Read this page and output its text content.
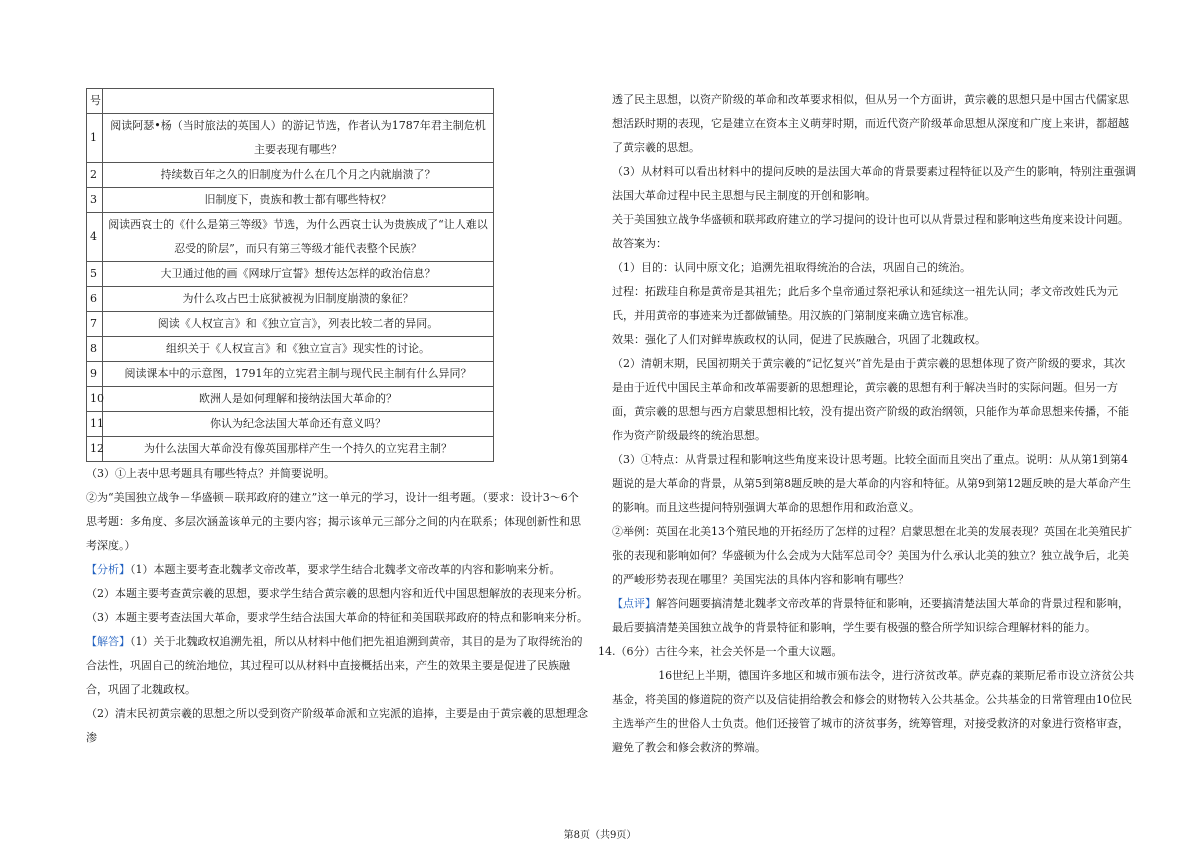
号	
1	阅读阿瑟•杨（当时旅法的英国人）的游记节选，作者认为1787年君主制危机主要表现有哪些？
2	持续数百年之久的旧制度为什么在几个月之内就崩溃了？
3	旧制度下，贵族和教士都有哪些特权？
4	阅读西哀士的《什么是第三等级》节选，为什么西哀士认为贵族成了“让人难以忍受的阶层”，而只有第三等级才能代表整个民族？
5	大卫通过他的画《网球厅宣誓》想传达怎样的政治信息？
6	为什么攻占巴士底狱被视为旧制度崩溃的象征？
7	阅读《人权宣言》和《独立宣言》，列表比较二者的异同。
8	组织关于《人权宣言》和《独立宣言》现实性的讨论。
9	阅读课本中的示意图，1791年的立宪君主制与现代民主制有什么异同？
10	欧洲人是如何理解和接纳法国大革命的？
11	你认为纪念法国大革命还有意义吗？
12	为什么法国大革命没有像英国那样产生一个持久的立宪君主制？

（3）①上表中思考题具有哪些特点？并简要说明。

②为“美国独立战争－华盛顿－联邦政府的建立”这一单元的学习，设计一组考题。（要求：设计3～6个思考题：多角度、多层次涵盖该单元的主要内容；揭示该单元三部分之间的内在联系；体现创新性和思考深度。）

【分析】（1）本题主要考查北魏孝文帝改革，要求学生结合北魏孝文帝改革的内容和影响来分析。

（2）本题主要考查黄宗羲的思想，要求学生结合黄宗羲的思想内容和近代中国思想解放的表现来分析。

（3）本题主要考查法国大革命，要求学生结合法国大革命的特征和美国联邦政府的特点和影响来分析。

【解答】（1）关于北魏政权追溯先祖，所以从材料中他们把先祖追溯到黄帝，其目的是为了取得统治的合法性，巩固自己的统治地位，其过程可以从材料中直接概括出来，产生的效果主要是促进了民族融合，巩固了北魏政权。

（2）清末民初黄宗羲的思想之所以受到资产阶级革命派和立宪派的追捧，主要是由于黄宗羲的思想理念渗

透了民主思想，以资产阶级的革命和改革要求相似，但从另一个方面讲，黄宗羲的思想只是中国古代儒家思想活跃时期的表现，它是建立在资本主义萌芽时期，而近代资产阶级革命思想从深度和广度上来讲，都超越了黄宗羲的思想。

（3）从材料可以看出材料中的提问反映的是法国大革命的背景要素过程特征以及产生的影响，特别注重强调法国大革命过程中民主思想与民主制度的开创和影响。

关于美国独立战争华盛顿和联邦政府建立的学习提问的设计也可以从背景过程和影响这些角度来设计问题。

故答案为：

（1）目的：认同中原文化；追溯先祖取得统治的合法，巩固自己的统治。

过程：拓跋珪自称是黄帝是其祖先；此后多个皇帝通过祭祀承认和延续这一祖先认同；孝文帝改姓氏为元氏，并用黄帝的事迹来为迁都做铺垫。用汉族的门第制度来确立选官标准。

效果：强化了人们对鲜卑族政权的认同，促进了民族融合，巩固了北魏政权。

（2）清朝末期，民国初期关于黄宗羲的“记忆复兴”首先是由于黄宗羲的思想体现了资产阶级的要求，其次是由于近代中国民主革命和改革需要新的思想理论，黄宗羲的思想有利于解决当时的实际问题。但另一方面，黄宗羲的思想与西方启蒙思想相比较，没有提出资产阶级的政治纲领，只能作为革命思想来传播，不能作为资产阶级最终的统治思想。

（3）①特点：从背景过程和影响这些角度来设计思考题。比较全面而且突出了重点。说明：从从第1到第4题说的是大革命的背景，从第5到第8题反映的是大革命的内容和特征。从第9到第12题反映的是大革命产生的影响。而且这些提问特别强调大革命的思想作用和政治意义。

②举例：英国在北美13个殖民地的开拓经历了怎样的过程？启蒙思想在北美的发展表现？英国在北美殖民扩张的表现和影响如何？华盛顿为什么会成为大陆军总司令？美国为什么承认北美的独立？独立战争后，北美的严峻形势表现在哪里？美国宪法的具体内容和影响有哪些？

【点评】解答问题要搞清楚北魏孝文帝改革的背景特征和影响，还要搞清楚法国大革命的背景过程和影响，最后要搞清楚美国独立战争的背景特征和影响，学生要有极强的整合所学知识综合理解材料的能力。

14.（6分）古往今来，社会关怀是一个重大议题。

16世纪上半期，德国许多地区和城市颁布法令，进行济贫改革。萨克森的莱斯尼希市设立济贫公共基金，将美国的修道院的资产以及信徒捐给教会和修会的财物转入公共基金。公共基金的日常管理由10位民主选举产生的世俗人士负责。他们还接管了城市的济贫事务，统筹管理，对接受救济的对象进行资格审查，避免了教会和修会救济的弊端。

第8页（共9页）
